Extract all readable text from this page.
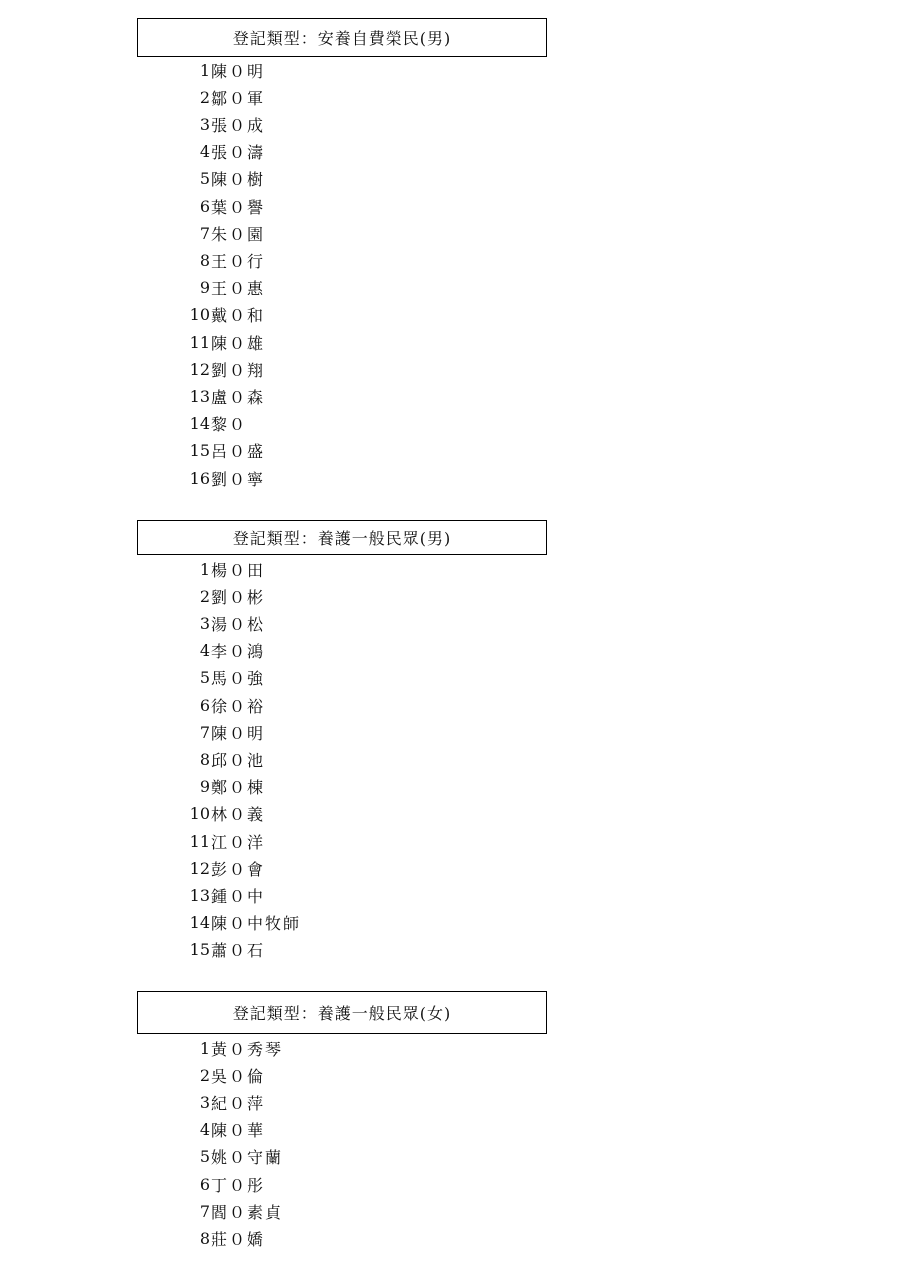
登記類型：安養自費榮民(男)
1 陳０明
2 鄒０軍
3 張０成
4 張０濤
5 陳０樹
6 葉０譽
7 朱０園
8 王０行
9 王０惠
10 戴０和
11 陳０雄
12 劉０翔
13 盧０森
14 黎０
15 呂０盛
16 劉０寧
登記類型：養護一般民眾(男)
1 楊０田
2 劉０彬
3 湯０松
4 李０鴻
5 馬０強
6 徐０裕
7 陳０明
8 邱０池
9 鄭０棟
10 林０義
11 江０洋
12 彭０會
13 鍾０中
14 陳０中牧師
15 蕭０石
登記類型：養護一般民眾(女)
1 黃０秀琴
2 吳０倫
3 紀０萍
4 陳０華
5 姚０守蘭
6 丁０彤
7 閻０素貞
8 莊０嬌
